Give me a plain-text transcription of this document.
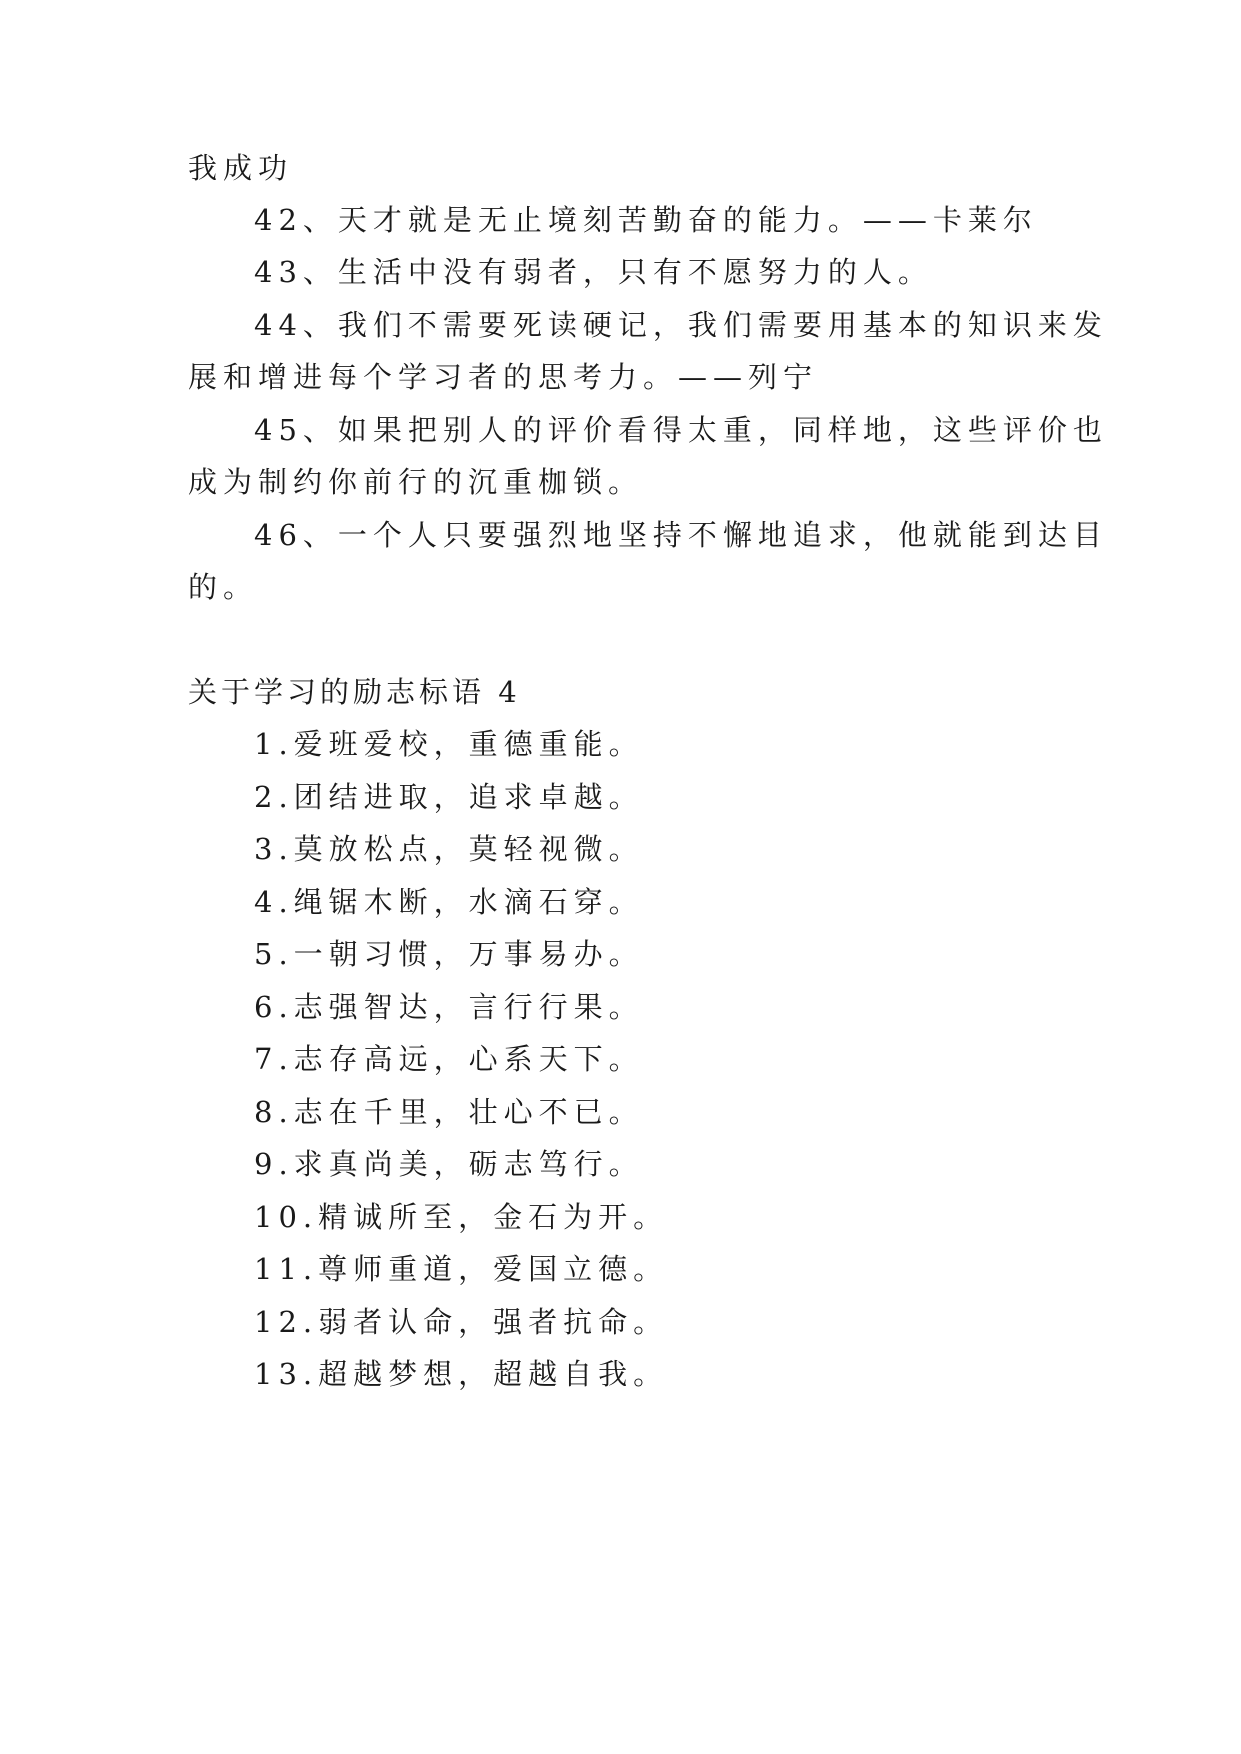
我成功
42、天才就是无止境刻苦勤奋的能力。——卡莱尔
43、生活中没有弱者，只有不愿努力的人。
44、我们不需要死读硬记，我们需要用基本的知识来发
展和增进每个学习者的思考力。——列宁
45、如果把别人的评价看得太重，同样地，这些评价也
成为制约你前行的沉重枷锁。
46、一个人只要强烈地坚持不懈地追求，他就能到达目
的。
关于学习的励志标语 4
1.爱班爱校，重德重能。
2.团结进取，追求卓越。
3.莫放松点，莫轻视微。
4.绳锯木断，水滴石穿。
5.一朝习惯，万事易办。
6.志强智达，言行行果。
7.志存高远，心系天下。
8.志在千里，壮心不已。
9.求真尚美，砺志笃行。
10.精诚所至，金石为开。
11.尊师重道，爱国立德。
12.弱者认命，强者抗命。
13.超越梦想，超越自我。
